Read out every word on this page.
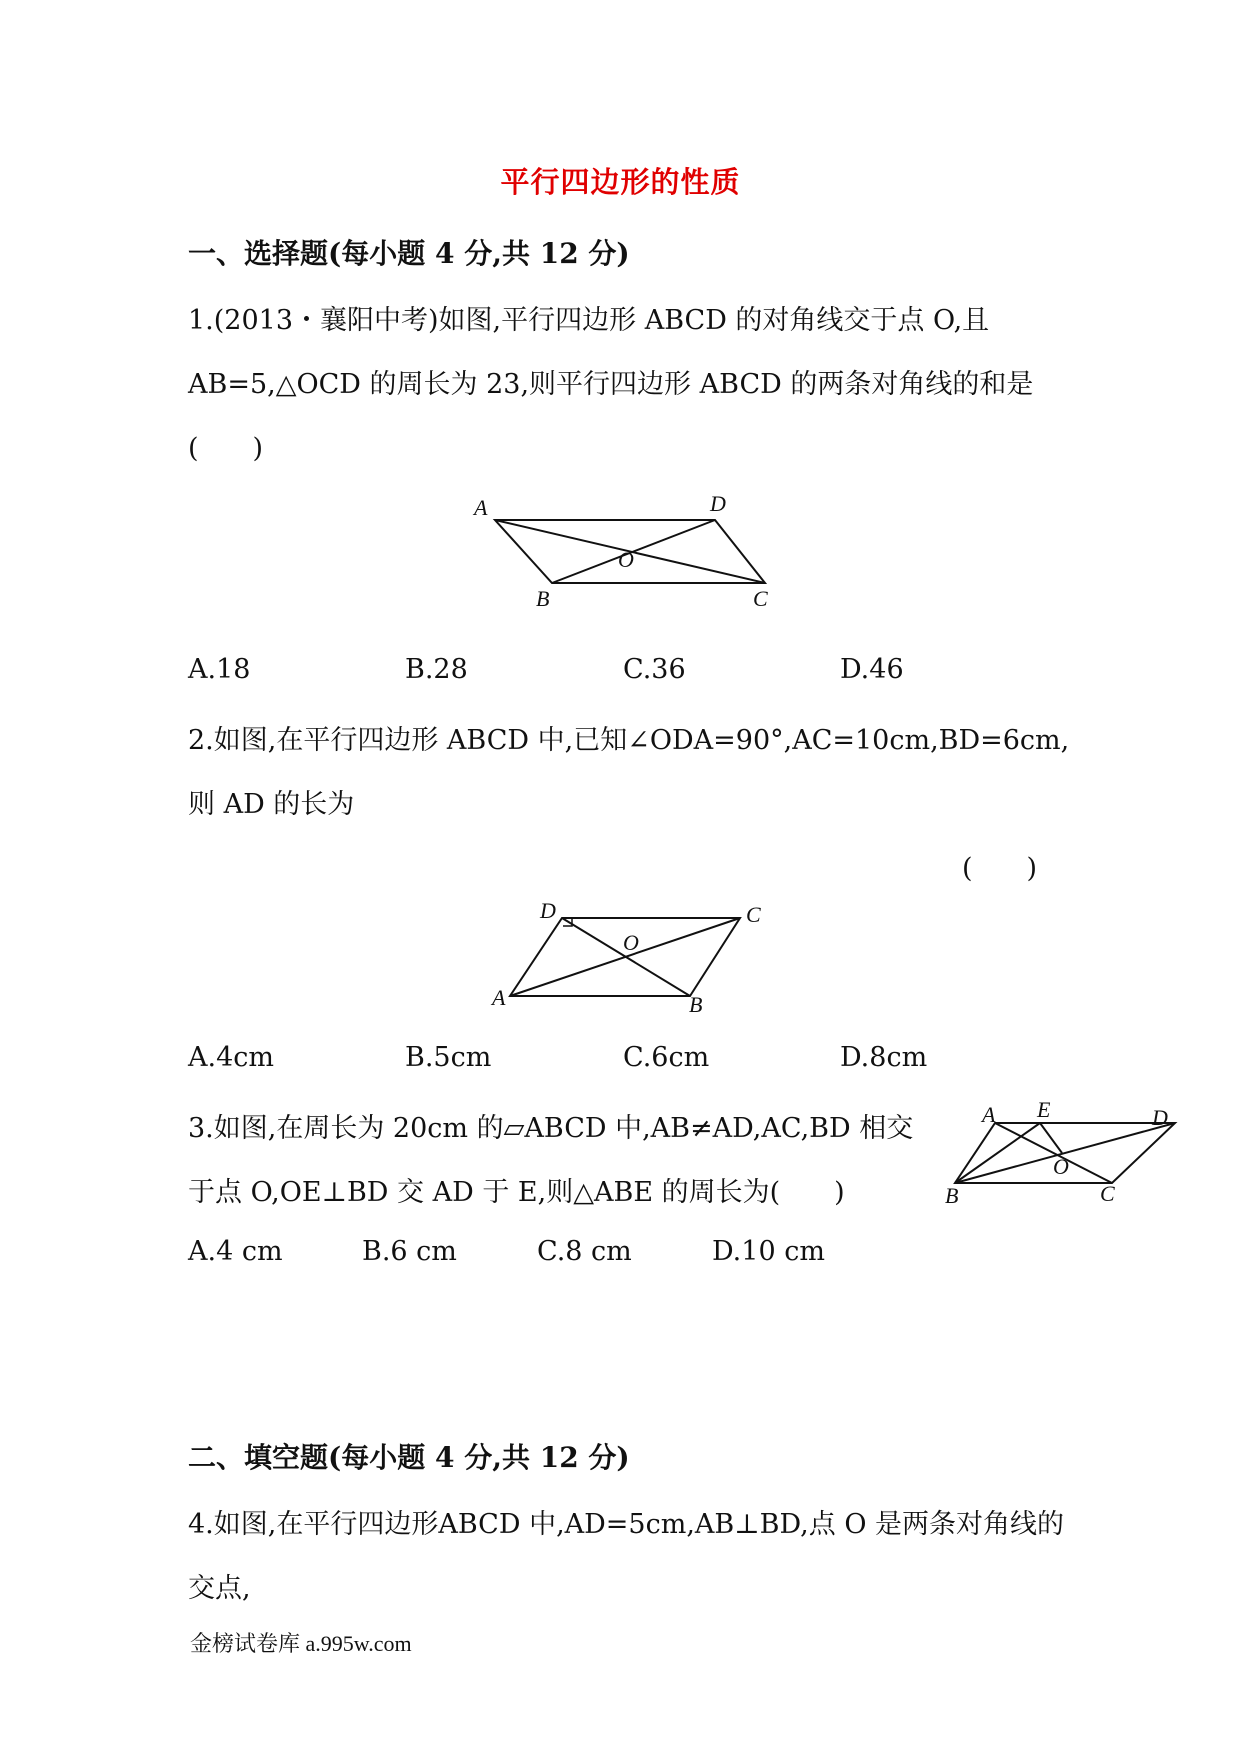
平行四边形的性质
一、选择题(每小题 4 分,共 12 分)
1.(2013・襄阳中考)如图,平行四边形 ABCD 的对角线交于点 O,且
AB=5,△OCD 的周长为 23,则平行四边形 ABCD 的两条对角线的和是
(　　)
A	D
O
B	C
A.18	B.28	C.36	D.46
2.如图,在平行四边形 ABCD 中,已知∠ODA=90°,AC=10cm,BD=6cm,
则 AD 的长为
(　　)
D	C
O
A	B
A.4cm	B.5cm	C.6cm	D.8cm
3.如图,在周长为 20cm 的▱ABCD 中,AB≠AD,AC,BD 相交
于点 O,OE⊥BD 交 AD 于 E,则△ABE 的周长为(　　)
A E	D
O
B	C
A.4 cm	B.6 cm	C.8 cm	D.10 cm
二、填空题(每小题 4 分,共 12 分)
4.如图,在平行四边形ABCD 中,AD=5cm,AB⊥BD,点 O 是两条对角线的
交点,
金榜试卷库 a.995w.com
